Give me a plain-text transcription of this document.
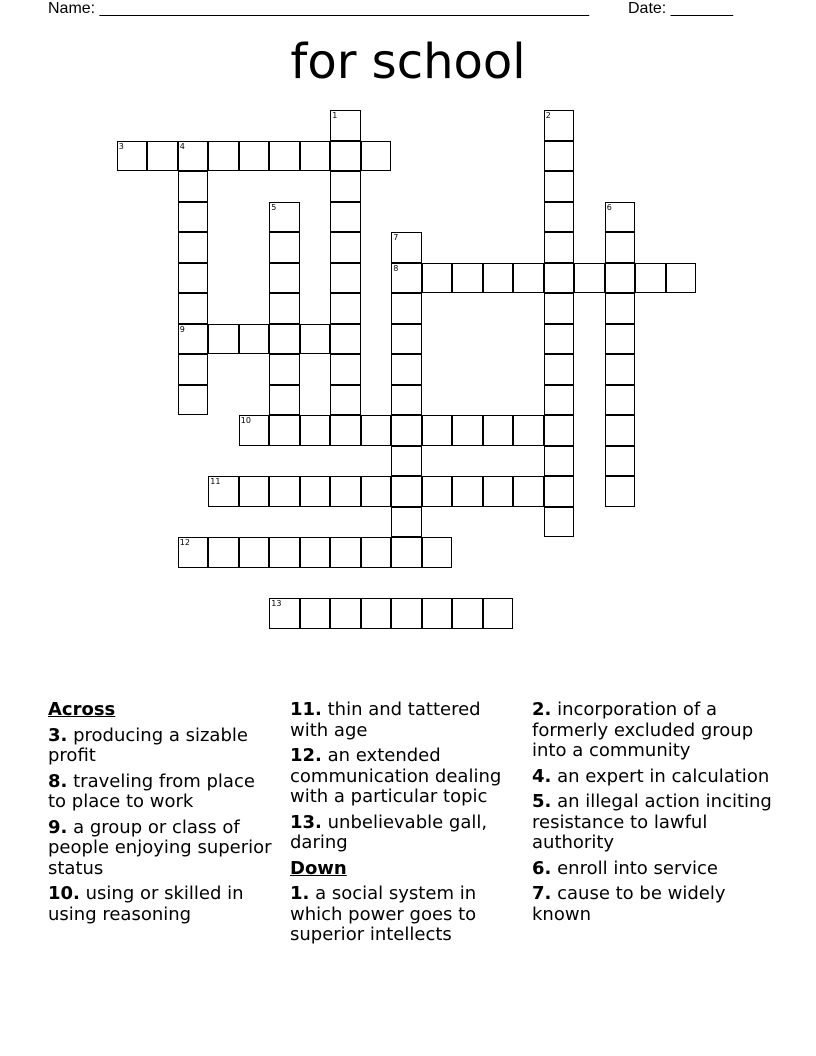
Name: _______________________________________________________ Date: _______
for school
1	2
3	4
9
5	6
7
8
10
11
12
13
Across
3. producing a sizable profit
8. traveling from place to place to work
9. a group or class of people enjoying superior status
10. using or skilled in using reasoning
11. thin and tattered with age
12. an extended communication dealing with a particular topic
13. unbelievable gall, daring
Down
1. a social system in which power goes to superior intellects
2. incorporation of a formerly excluded group into a community
4. an expert in calculation
5. an illegal action inciting resistance to lawful authority
6. enroll into service
7. cause to be widely known
